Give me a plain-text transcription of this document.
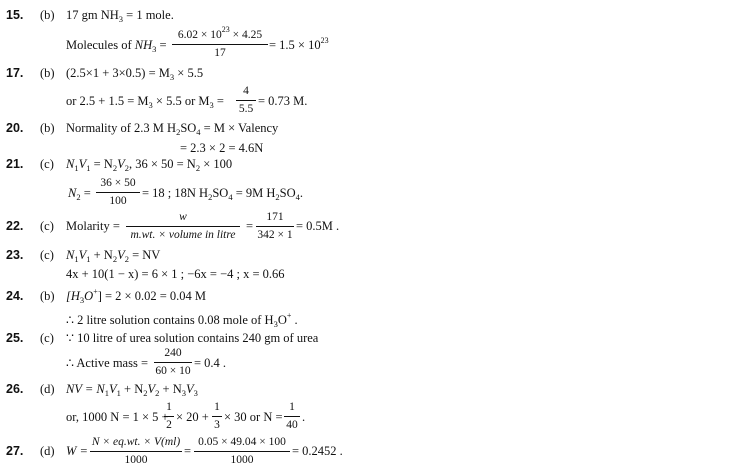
15. (b) 17 gm $NH_3 = 1$ mole.
Molecules of $NH_3 = \frac{6.02 \times 10^{23} \times 4.25}{17} = 1.5 \times 10^{23}$
17. (b) $(2.5\times 1 + 3\times 0.5) = M_3 \times 5.5$
or $2.5 + 1.5 = M_3 \times 5.5$ or $M_3 = \frac{4}{5.5} = 0.73$ M.
20. (b) Normality of 2.3 M $H_2SO_4 = M$ × Valency
= 2.3 × 2 = 4.6N
21. (c) $N_1V_1 = N_2V_2$, $36 \times 50 = N_2 \times 100$
$N_2 = \frac{36 \times 50}{100} = 18$ ; 18N $H_2SO_4 = 9M$ $H_2SO_4$.
22. (c) Molarity =
w
m.wt. × volume in litre
= $\frac{171}{342 \times 1} = 0.5M$ .
23. (c) $N_1V_1 + N_2V_2$ = NV
4x + 10(1 − x) = 6 × 1 ; −6x = −4 ; x = 0.66
24. (b) $[H_3O^+] = 2 \times 0.02 = 0.04$ M
∴ 2 litre solution contains 0.08 mole of $H_3O^+$ .
25. (c) ∵ 10 litre of urea solution contains 240 gm of urea
∴ Active mass = $\frac{240}{60 \times 10} = 0.4$ .
26. (d) NV = $N_1V_1 + N_2V_2 + N_3V_3$
or, 1000 N = 1 × 5 +
$\frac{1}{2} \times 20 + \frac{1}{3} \times 30$ or $N = \frac{1}{40}$ .
27. (d) $W = \frac{N \times eq.wt. \times V(ml)}{1000} = \frac{0.05 \times 49.04 \times 100}{1000} = 0.2452$ .
